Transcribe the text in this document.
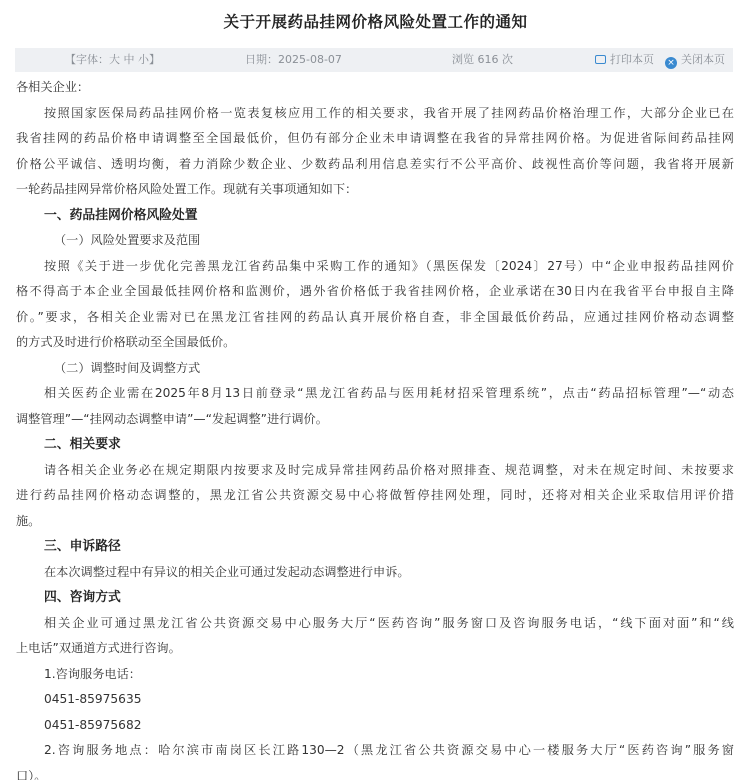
关于开展药品挂网价格风险处置工作的通知
【字体：大 中 小】	日期：2025-08-07	浏览 616 次	打印本页 × 关闭本页
各相关企业：
按照国家医保局药品挂网价格一览表复核应用工作的相关要求，我省开展了挂网药品价格治理工作，大部分企业已在
我省挂网的药品价格申请调整至全国最低价，但仍有部分企业未申请调整在我省的异常挂网价格。为促进省际间药品挂网
价格公平诚信、透明均衡，着力消除少数企业、少数药品利用信息差实行不公平高价、歧视性高价等问题，我省将开展新
一轮药品挂网异常价格风险处置工作。现就有关事项通知如下：
一、药品挂网价格风险处置
（一）风险处置要求及范围
按照《关于进一步优化完善黑龙江省药品集中采购工作的通知》（黑医保发〔2024〕27号）中“企业申报药品挂网价
格不得高于本企业全国最低挂网价格和监测价，遇外省价格低于我省挂网价格，企业承诺在30日内在我省平台申报自主降
价。”要求，各相关企业需对已在黑龙江省挂网的药品认真开展价格自查，非全国最低价药品，应通过挂网价格动态调整
的方式及时进行价格联动至全国最低价。
（二）调整时间及调整方式
相关医药企业需在2025年8月13日前登录“黑龙江省药品与医用耗材招采管理系统”，点击“药品招标管理”—“动态
调整管理”—“挂网动态调整申请”—“发起调整”进行调价。
二、相关要求
请各相关企业务必在规定期限内按要求及时完成异常挂网药品价格对照排查、规范调整，对未在规定时间、未按要求
进行药品挂网价格动态调整的，黑龙江省公共资源交易中心将做暂停挂网处理，同时，还将对相关企业采取信用评价措
施。
三、申诉路径
在本次调整过程中有异议的相关企业可通过发起动态调整进行申诉。
四、咨询方式
相关企业可通过黑龙江省公共资源交易中心服务大厅“医药咨询”服务窗口及咨询服务电话，“线下面对面”和“线
上电话”双通道方式进行咨询。
1.咨询服务电话：
0451-85975635
0451-85975682
2.咨询服务地点：哈尔滨市南岗区长江路130—2（黑龙江省公共资源交易中心一楼服务大厅“医药咨询”服务窗
口）。
